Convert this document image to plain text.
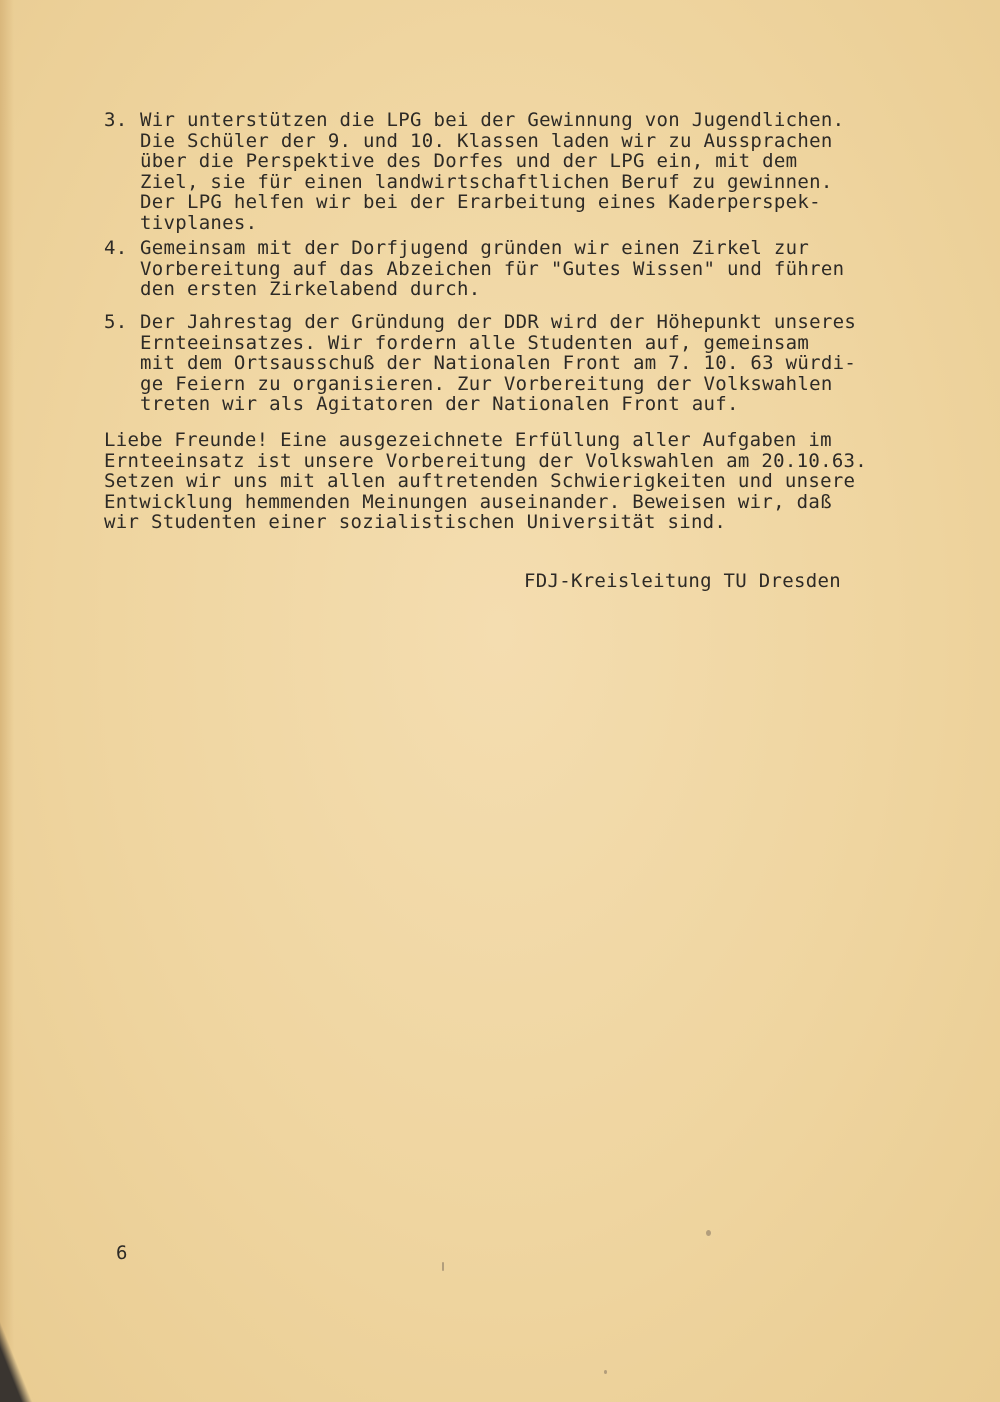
3. Wir unterstützen die LPG bei der Gewinnung von Jugendlichen.
Die Schüler der 9. und 10. Klassen laden wir zu Aussprachen
über die Perspektive des Dorfes und der LPG ein, mit dem
Ziel, sie für einen landwirtschaftlichen Beruf zu gewinnen.
Der LPG helfen wir bei der Erarbeitung eines Kaderperspek-
tivplanes.
4. Gemeinsam mit der Dorfjugend gründen wir einen Zirkel zur
Vorbereitung auf das Abzeichen für "Gutes Wissen" und führen
den ersten Zirkelabend durch.
5. Der Jahrestag der Gründung der DDR wird der Höhepunkt unseres
Ernteeinsatzes. Wir fordern alle Studenten auf, gemeinsam
mit dem Ortsausschuß der Nationalen Front am 7. 10. 63 würdi-
ge Feiern zu organisieren. Zur Vorbereitung der Volkswahlen
treten wir als Agitatoren der Nationalen Front auf.
Liebe Freunde! Eine ausgezeichnete Erfüllung aller Aufgaben im
Ernteeinsatz ist unsere Vorbereitung der Volkswahlen am 20.10.63.
Setzen wir uns mit allen auftretenden Schwierigkeiten und unsere
Entwicklung hemmenden Meinungen auseinander. Beweisen wir, daß
wir Studenten einer sozialistischen Universität sind.
FDJ-Kreisleitung TU Dresden
6
